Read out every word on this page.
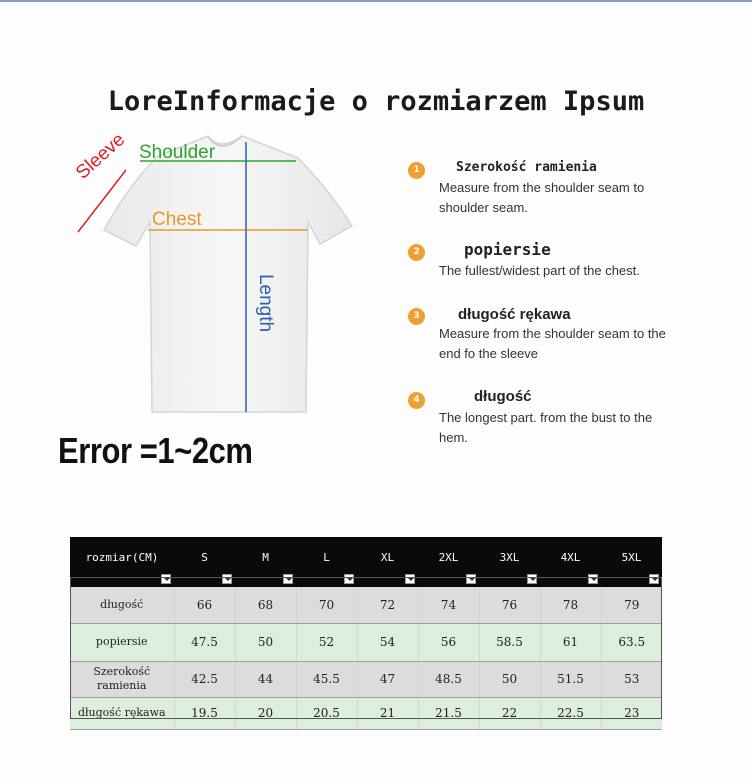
LoreInformacje o rozmiarzem Ipsum
Shoulder
Chest
Sleeve
Length
Error =1~2cm
1	Szerokość ramienia
Measure from the shoulder seam to shoulder seam.
2	popiersie
The fullest/widest part of the chest.
3	długość rękawa
Measure from the shoulder seam to the end fo the sleeve
4	długość
The longest part. from the bust to the hem.
rozmiar(CM)	S	M	L	XL	2XL	3XL	4XL	5XL

długość	66	68	70	72	74	76	78	79
popiersie	47.5	50	52	54	56	58.5	61	63.5
Szerokość ramienia	42.5	44	45.5	47	48.5	50	51.5	53
długość rękawa	19.5	20	20.5	21	21.5	22	22.5	23
